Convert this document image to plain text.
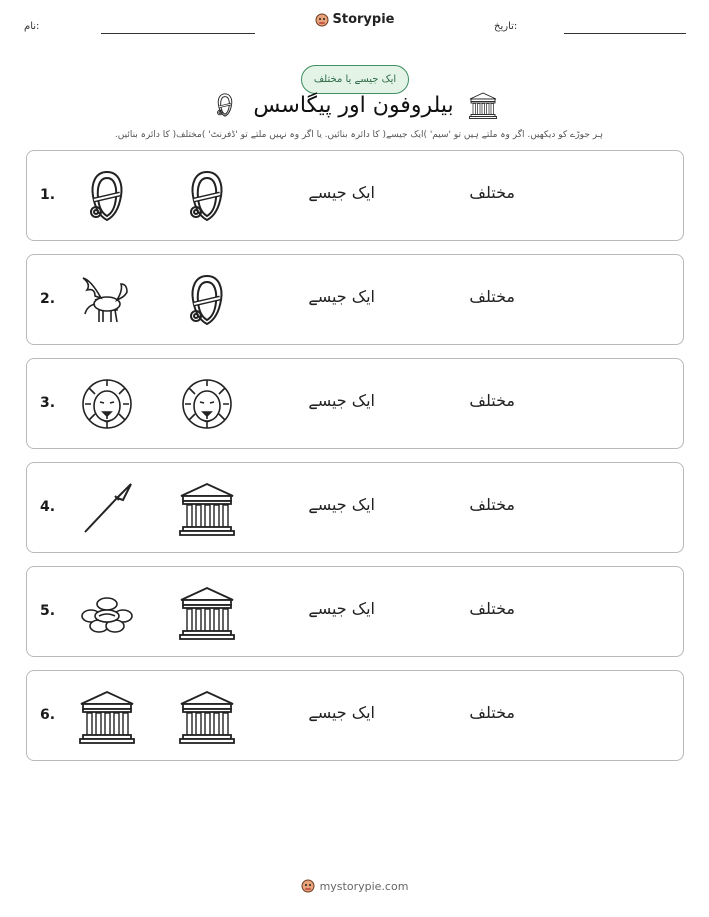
تاریخ:
نام:	Storypie
ایک جیسے یا مختلف
بیلروفون اور پیگاسس
ہر جوڑے کو دیکھیں. اگر وہ ملتے ہیں تو 'سیم' )ایک جیسے( کا دائرہ بنائیں. یا اگر وہ نہیں ملتے تو 'ڈفرنٹ' )مختلف( کا دائرہ بنائیں.
1.	ایک جیسے	مختلف
2.	ایک جیسے	مختلف
3.	ایک جیسے	مختلف
4.	ایک جیسے	مختلف
5.	ایک جیسے	مختلف
6.	ایک جیسے	مختلف
mystorypie.com
